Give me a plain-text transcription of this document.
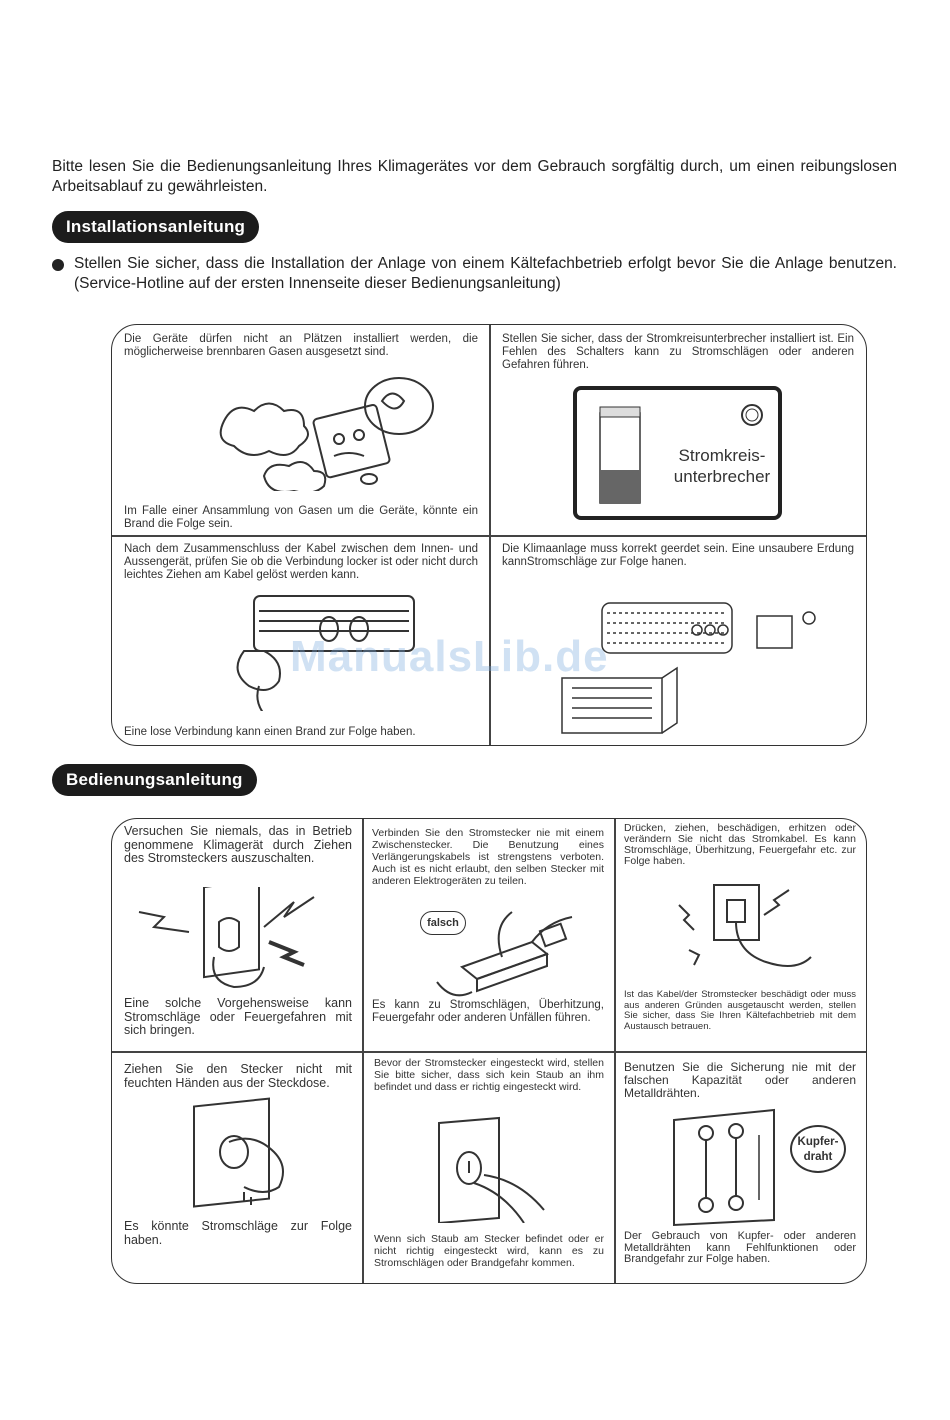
Bitte lesen Sie die Bedienungsanleitung Ihres Klimagerätes vor dem Gebrauch sorgfältig durch, um einen reibungslosen Arbeitsablauf zu gewährleisten.
Installationsanleitung
Stellen Sie sicher, dass die Installation der Anlage von einem Kältefachbetrieb erfolgt bevor Sie die Anlage benutzen. (Service-Hotline auf der ersten Innenseite dieser Bedienungsanleitung)

Die Geräte dürfen nicht an Plätzen installiert werden, die möglicherweise brennbaren Gasen ausgesetzt sind.

Im Falle einer Ansammlung von Gasen um die Geräte, könnte ein Brand die Folge sein.

Stellen Sie sicher, dass der Stromkreisunterbrecher installiert ist. Ein Fehlen des Schalters kann zu Stromschlägen oder anderen Gefahren führen.

Stromkreis-
unterbrecher

Nach dem Zusammenschluss der Kabel zwischen dem Innen- und Aussengerät, prüfen Sie ob die Verbindung locker ist oder nicht durch leichtes Ziehen am Kabel gelöst werden kann.

Eine lose Verbindung kann einen Brand zur Folge haben.

Die Klimaanlage muss korrekt geerdet sein. Eine unsaubere Erdung kannStromschläge zur Folge hanen.

ManualsLib.de
Bedienungsanleitung

Versuchen Sie niemals, das in Betrieb genommene Klimagerät durch Ziehen des Stromsteckers auszuschalten.

Eine solche Vorgehensweise kann Stromschläge oder Feuergefahren mit sich bringen.

Verbinden Sie den Stromstecker nie mit einem Zwischenstecker. Die Benutzung eines Verlängerungskabels ist strengstens verboten. Auch ist es nicht erlaubt, den selben Stecker mit anderen Elektrogeräten zu teilen.

falsch

Es kann zu Stromschlägen, Überhitzung, Feuergefahr oder anderen Unfällen führen.

Drücken, ziehen, beschädigen, erhitzen oder verändern Sie nicht das Stromkabel. Es kann Stromschläge, Überhitzung, Feuergefahr etc. zur Folge haben.

Ist das Kabel/der Stromstecker beschädigt oder muss aus anderen Gründen ausgetauscht werden, stellen Sie sicher, dass Sie Ihren Kältefachbetrieb mit dem Austausch betrauen.

Ziehen Sie den Stecker nicht mit feuchten Händen aus der Steckdose.

Es könnte Stromschläge zur Folge haben.

Bevor der Stromstecker eingesteckt wird, stellen Sie bitte sicher, dass sich kein Staub an ihm befindet und dass er richtig eingesteckt wird.

Wenn sich Staub am Stecker befindet oder er nicht richtig eingesteckt wird, kann es zu Stromschlägen oder Brandgefahr kommen.

Benutzen Sie die Sicherung nie mit der falschen Kapazität oder anderen Metalldrähten.

Kupfer-
draht

Der Gebrauch von Kupfer- oder anderen Metalldrähten kann Fehlfunktionen oder Brandgefahr zur Folge haben.
